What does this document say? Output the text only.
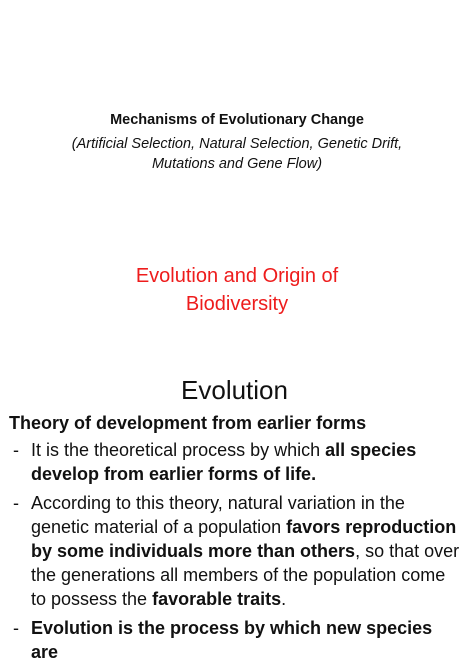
Mechanisms of Evolutionary Change
(Artificial Selection, Natural Selection, Genetic Drift, Mutations and Gene Flow)
Evolution and Origin of
Biodiversity
Evolution
Theory of development from earlier forms
- It is the theoretical process by which all species develop from earlier forms of life.
- According to this theory, natural variation in the genetic material of a population favors reproduction by some individuals more than others, so that over the generations all members of the population come to possess the favorable traits.
- Evolution is the process by which new species are
